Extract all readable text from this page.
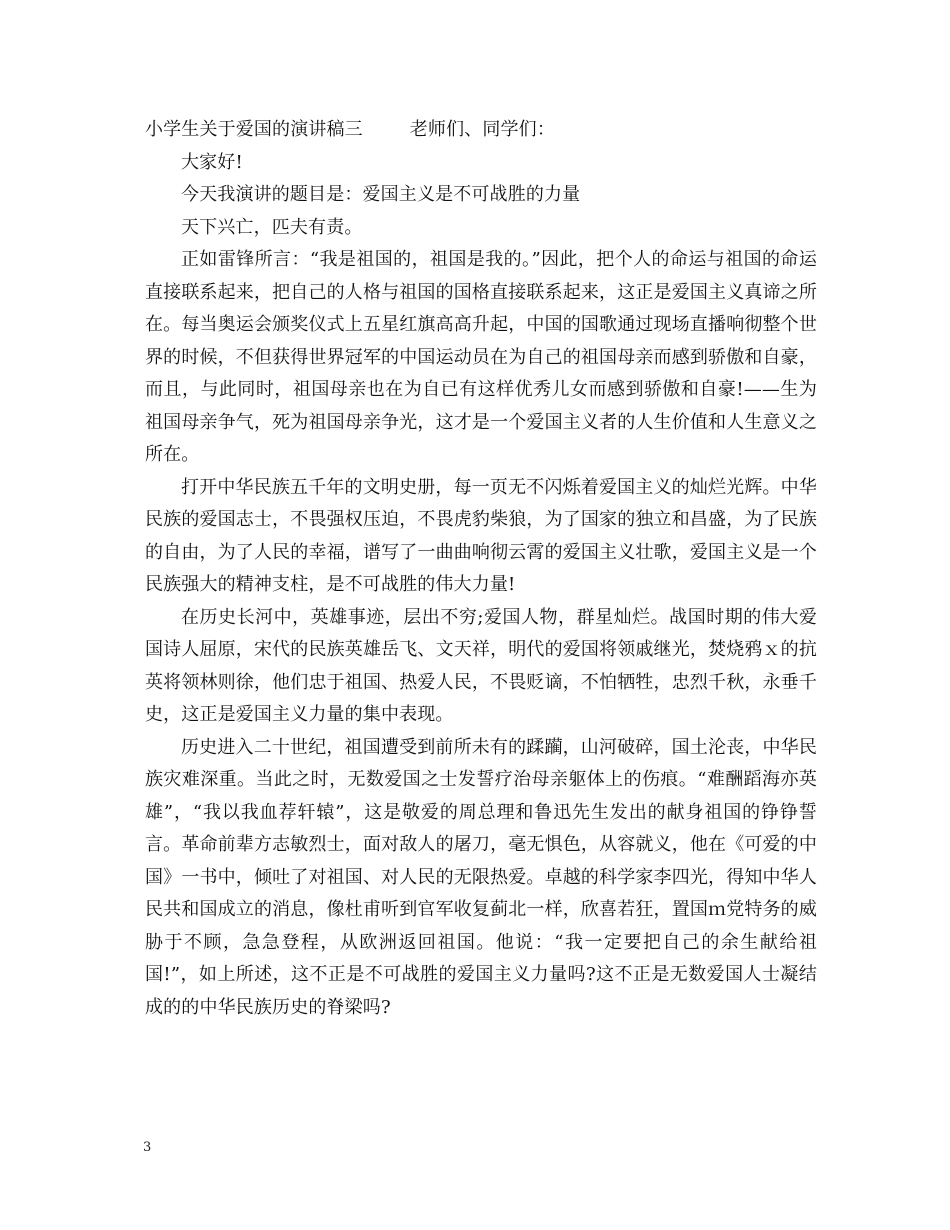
小学生关于爱国的演讲稿三        老师们、同学们：

大家好!

今天我演讲的题目是：爱国主义是不可战胜的力量

天下兴亡，匹夫有责。

正如雷锋所言：“我是祖国的，祖国是我的。”因此，把个人的命运与祖国的命运直接联系起来，把自己的人格与祖国的国格直接联系起来，这正是爱国主义真谛之所在。每当奥运会颁奖仪式上五星红旗高高升起，中国的国歌通过现场直播响彻整个世界的时候，不但获得世界冠军的中国运动员在为自己的祖国母亲而感到骄傲和自豪，而且，与此同时，祖国母亲也在为自已有这样优秀儿女而感到骄傲和自豪!——生为祖国母亲争气，死为祖国母亲争光，这才是一个爱国主义者的人生价值和人生意义之所在。

打开中华民族五千年的文明史册，每一页无不闪烁着爱国主义的灿烂光辉。中华民族的爱国志士，不畏强权压迫，不畏虎豹柴狼，为了国家的独立和昌盛，为了民族的自由，为了人民的幸福，谱写了一曲曲响彻云霄的爱国主义壮歌，爱国主义是一个民族强大的精神支柱，是不可战胜的伟大力量!

在历史长河中，英雄事迹，层出不穷;爱国人物，群星灿烂。战国时期的伟大爱国诗人屈原，宋代的民族英雄岳飞、文天祥，明代的爱国将领戚继光，焚烧鸦ｘ的抗英将领林则徐，他们忠于祖国、热爱人民，不畏贬谪，不怕牺牲，忠烈千秋，永垂千史，这正是爱国主义力量的集中表现。

历史进入二十世纪，祖国遭受到前所未有的蹂躏，山河破碎，国土沦丧，中华民族灾难深重。当此之时，无数爱国之士发誓疗治母亲躯体上的伤痕。“难酬蹈海亦英雄”，“我以我血荐轩辕”，这是敬爱的周总理和鲁迅先生发出的献身祖国的铮铮誓言。革命前辈方志敏烈士，面对敌人的屠刀，毫无惧色，从容就义，他在《可爱的中国》一书中，倾吐了对祖国、对人民的无限热爱。卓越的科学家李四光，得知中华人民共和国成立的消息，像杜甫听到官军收复蓟北一样，欣喜若狂，置国ｍ党特务的威胁于不顾，急急登程，从欧洲返回祖国。他说：“我一定要把自己的余生献给祖国!”，如上所述，这不正是不可战胜的爱国主义力量吗?这不正是无数爱国人士凝结成的的中华民族历史的脊梁吗?

3
